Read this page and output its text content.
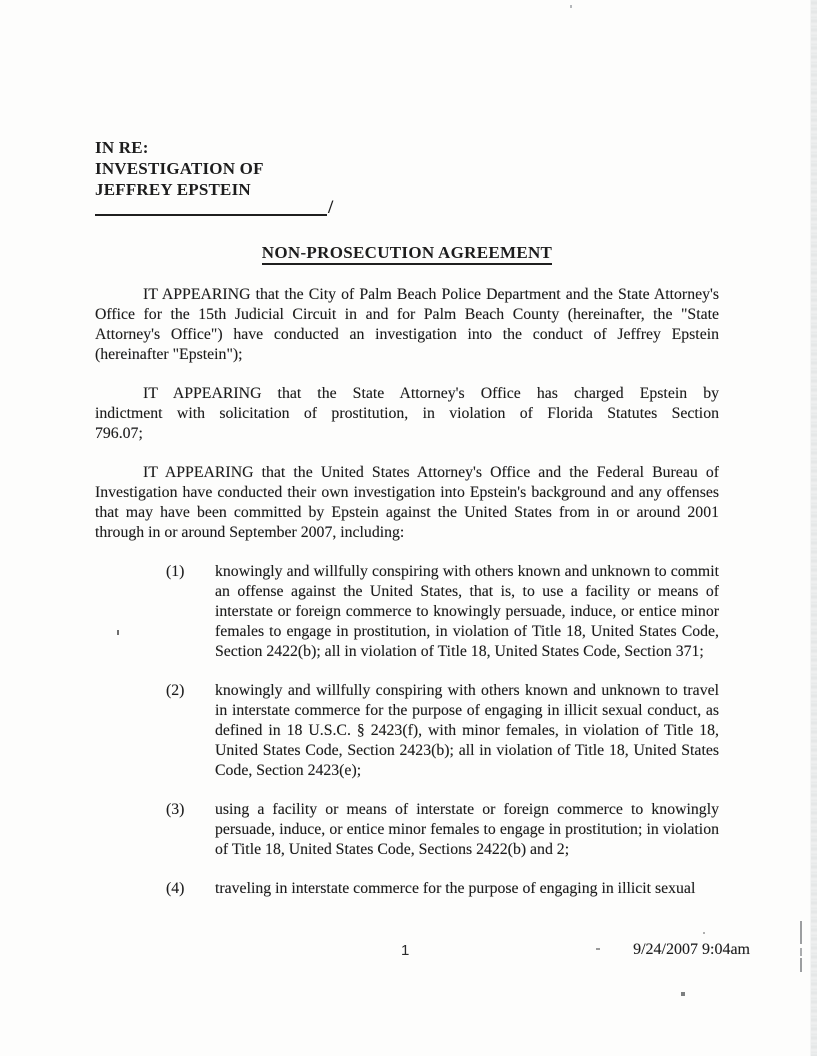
IN RE:
INVESTIGATION OF
JEFFREY EPSTEIN
/
NON-PROSECUTION AGREEMENT

IT APPEARING that the City of Palm Beach Police Department and the State Attorney's Office for the 15th Judicial Circuit in and for Palm Beach County (hereinafter, the "State Attorney's Office") have conducted an investigation into the conduct of Jeffrey Epstein (hereinafter "Epstein");

IT APPEARING that the State Attorney's Office has charged Epstein by indictment with solicitation of prostitution, in violation of Florida Statutes Section 796.07;

IT APPEARING that the United States Attorney's Office and the Federal Bureau of Investigation have conducted their own investigation into Epstein's background and any offenses that may have been committed by Epstein against the United States from in or around 2001 through in or around September 2007, including:

(1)	knowingly and willfully conspiring with others known and unknown to commit an offense against the United States, that is, to use a facility or means of interstate or foreign commerce to knowingly persuade, induce, or entice minor females to engage in prostitution, in violation of Title 18, United States Code, Section 2422(b); all in violation of Title 18, United States Code, Section 371;
(2)	knowingly and willfully conspiring with others known and unknown to travel in interstate commerce for the purpose of engaging in illicit sexual conduct, as defined in 18 U.S.C. § 2423(f), with minor females, in violation of Title 18, United States Code, Section 2423(b); all in violation of Title 18, United States Code, Section 2423(e);
(3)	using a facility or means of interstate or foreign commerce to knowingly persuade, induce, or entice minor females to engage in prostitution; in violation of Title 18, United States Code, Sections 2422(b) and 2;
(4)	traveling in interstate commerce for the purpose of engaging in illicit sexual
1	9/24/2007 9:04am
